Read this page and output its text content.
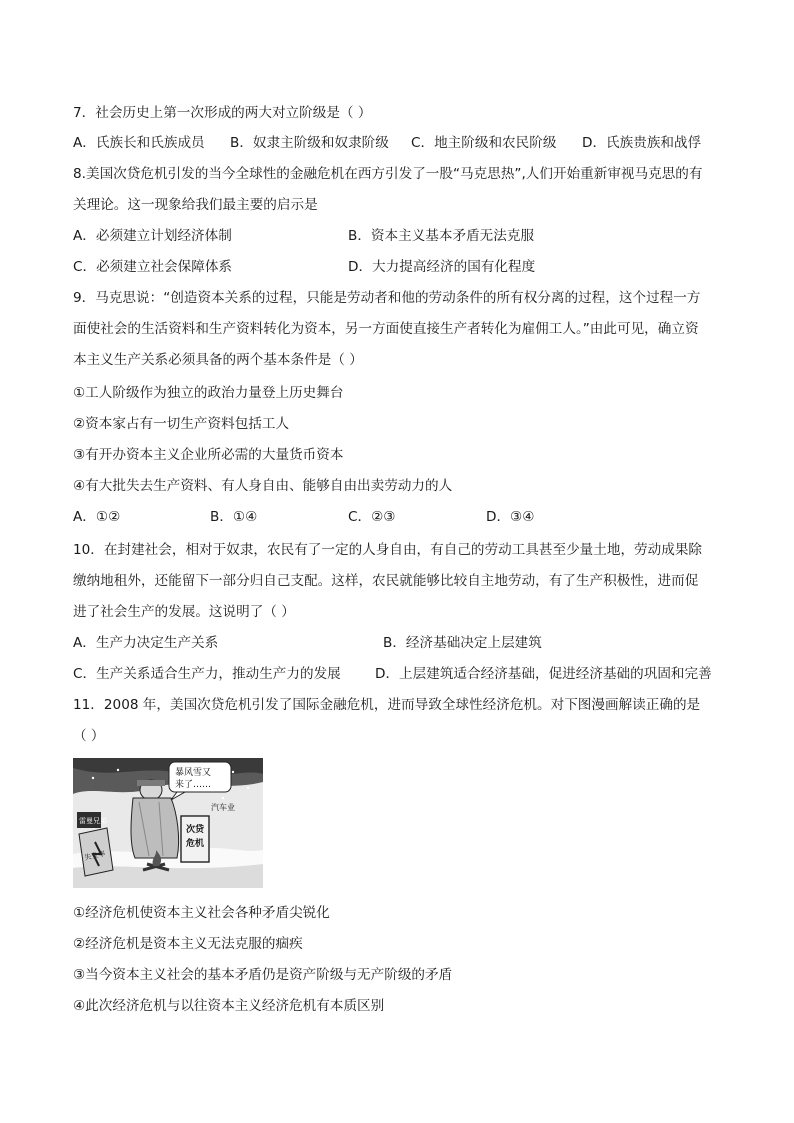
7．社会历史上第一次形成的两大对立阶级是（ ）
A．氏族长和氏族成员 B．奴隶主阶级和奴隶阶级 C．地主阶级和农民阶级 D．氏族贵族和战俘
8.美国次贷危机引发的当今全球性的金融危机在西方引发了一股“马克思热”,人们开始重新审视马克思的有
关理论。这一现象给我们最主要的启示是
A．必须建立计划经济体制	B．资本主义基本矛盾无法克服
C．必须建立社会保障体系	D．大力提高经济的国有化程度
9．马克思说：“创造资本关系的过程，只能是劳动者和他的劳动条件的所有权分离的过程，这个过程一方
面使社会的生活资料和生产资料转化为资本，另一方面使直接生产者转化为雇佣工人。”由此可见，确立资
本主义生产关系必须具备的两个基本条件是（ ）
①工人阶级作为独立的政治力量登上历史舞台
②资本家占有一切生产资料包括工人
③有开办资本主义企业所必需的大量货币资本
④有大批失去生产资料、有人身自由、能够自由出卖劳动力的人
A．①②	B．①④	C．②③	D．③④
10．在封建社会，相对于奴隶，农民有了一定的人身自由，有自己的劳动工具甚至少量土地，劳动成果除
缴纳地租外，还能留下一部分归自己支配。这样，农民就能够比较自主地劳动，有了生产积极性，进而促
进了社会生产的发展。这说明了（ ）
A．生产力决定生产关系	B．经济基础决定上层建筑
C．生产关系适合生产力，推动生产力的发展	D．上层建筑适合经济基础，促进经济基础的巩固和完善
11．2008 年，美国次贷危机引发了国际金融危机，进而导致全球性经济危机。对下图漫画解读正确的是
（ ）
暴风雪又
来了……
汽车业
雷曼兄弟
失业率
次贷
危机
①经济危机使资本主义社会各种矛盾尖锐化
②经济危机是资本主义无法克服的痼疾
③当今资本主义社会的基本矛盾仍是资产阶级与无产阶级的矛盾
④此次经济危机与以往资本主义经济危机有本质区别
